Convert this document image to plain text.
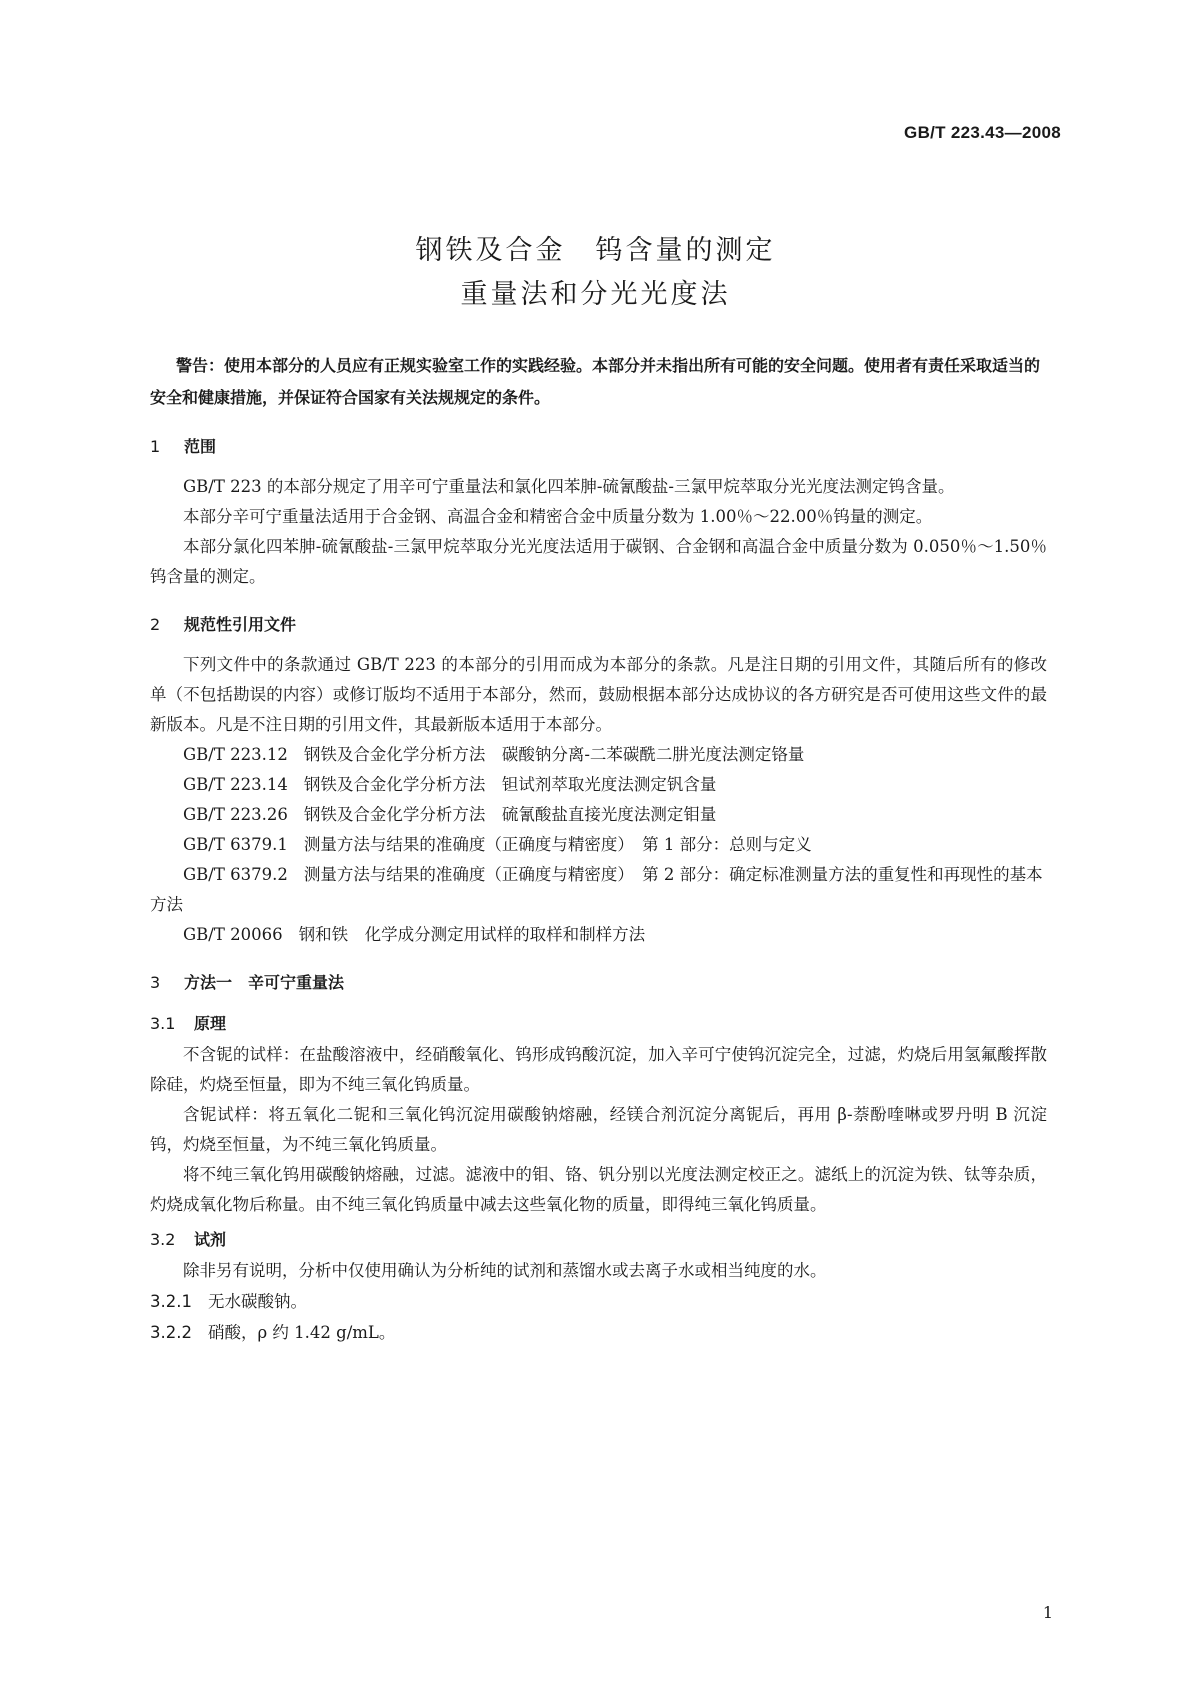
GB/T 223.43—2008
钢铁及合金　钨含量的测定
重量法和分光光度法

警告：使用本部分的人员应有正规实验室工作的实践经验。本部分并未指出所有可能的安全问题。使用者有责任采取适当的安全和健康措施，并保证符合国家有关法规规定的条件。

1 范围

GB/T 223 的本部分规定了用辛可宁重量法和氯化四苯胂-硫氰酸盐-三氯甲烷萃取分光光度法测定钨含量。

本部分辛可宁重量法适用于合金钢、高温合金和精密合金中质量分数为 1.00％～22.00％钨量的测定。

本部分氯化四苯胂-硫氰酸盐-三氯甲烷萃取分光光度法适用于碳钢、合金钢和高温合金中质量分数为 0.050％～1.50％钨含量的测定。

2 规范性引用文件

下列文件中的条款通过 GB/T 223 的本部分的引用而成为本部分的条款。凡是注日期的引用文件，其随后所有的修改单（不包括勘误的内容）或修订版均不适用于本部分，然而，鼓励根据本部分达成协议的各方研究是否可使用这些文件的最新版本。凡是不注日期的引用文件，其最新版本适用于本部分。

GB/T 223.12 钢铁及合金化学分析方法　碳酸钠分离-二苯碳酰二肼光度法测定铬量

GB/T 223.14 钢铁及合金化学分析方法　钽试剂萃取光度法测定钒含量

GB/T 223.26 钢铁及合金化学分析方法　硫氰酸盐直接光度法测定钼量

GB/T 6379.1 测量方法与结果的准确度（正确度与精密度）　第 1 部分：总则与定义

GB/T 6379.2 测量方法与结果的准确度（正确度与精密度）　第 2 部分：确定标准测量方法的重复性和再现性的基本方法

GB/T 20066 钢和铁　化学成分测定用试样的取样和制样方法

3 方法一　辛可宁重量法
3.1 原理

不含铌的试样：在盐酸溶液中，经硝酸氧化、钨形成钨酸沉淀，加入辛可宁使钨沉淀完全，过滤，灼烧后用氢氟酸挥散除硅，灼烧至恒量，即为不纯三氧化钨质量。

含铌试样：将五氧化二铌和三氧化钨沉淀用碳酸钠熔融，经镁合剂沉淀分离铌后，再用 β-萘酚喹啉或罗丹明 B 沉淀钨，灼烧至恒量，为不纯三氧化钨质量。

将不纯三氧化钨用碳酸钠熔融，过滤。滤液中的钼、铬、钒分别以光度法测定校正之。滤纸上的沉淀为铁、钛等杂质，灼烧成氧化物后称量。由不纯三氧化钨质量中减去这些氧化物的质量，即得纯三氧化钨质量。

3.2 试剂

除非另有说明，分析中仅使用确认为分析纯的试剂和蒸馏水或去离子水或相当纯度的水。

3.2.1 无水碳酸钠。

3.2.2 硝酸，ρ 约 1.42 g/mL。

1
